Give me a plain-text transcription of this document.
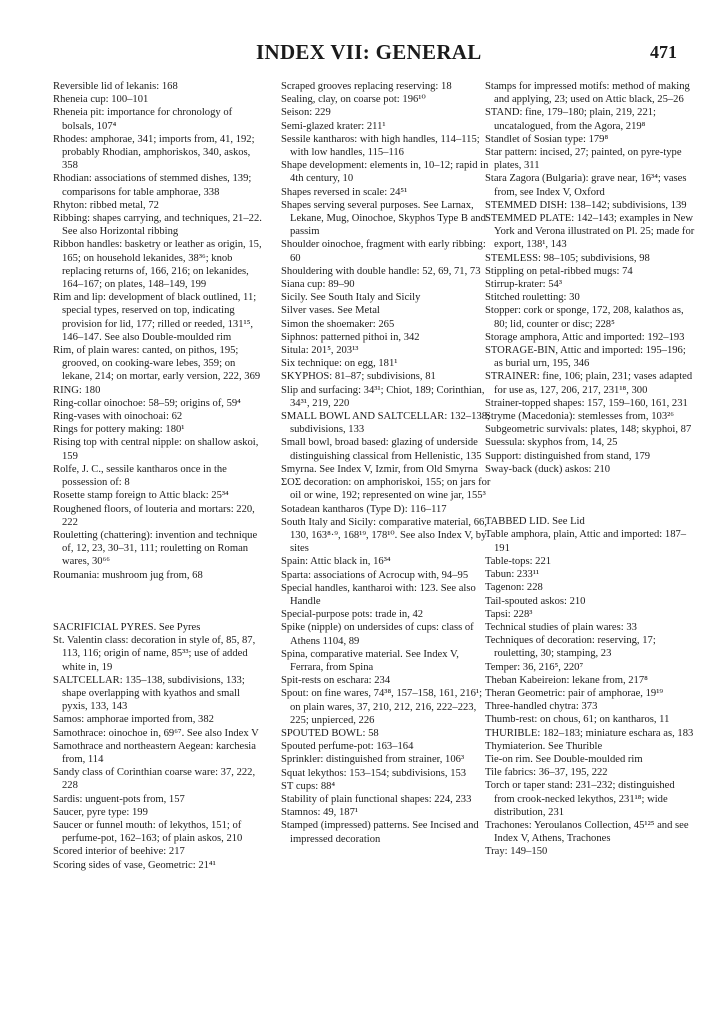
INDEX VII: GENERAL	471

Reversible lid of lekanis: 168

Rheneia cup: 100–101

Rheneia pit: importance for chronology of bolsals, 107⁴

Rhodes: amphorae, 341; imports from, 41, 192; probably Rhodian, amphoriskos, 340, askos, 358

Rhodian: associations of stemmed dishes, 139; comparisons for table amphorae, 338

Rhyton: ribbed metal, 72

Ribbing: shapes carrying, and techniques, 21–22. See also Horizontal ribbing

Ribbon handles: basketry or leather as origin, 15, 165; on household lekanides, 38³⁶; knob replacing returns of, 166, 216; on lekanides, 164–167; on plates, 148–149, 199

Rim and lip: development of black outlined, 11; special types, reserved on top, indicating provision for lid, 177; rilled or reeded, 131¹⁵, 146–147. See also Double-moulded rim

Rim, of plain wares: canted, on pithos, 195; grooved, on cooking-ware lebes, 359; on lekane, 214; on mortar, early version, 222, 369

RING: 180

Ring-collar oinochoe: 58–59; origins of, 59⁴

Ring-vases with oinochoai: 62

Rings for pottery making: 180¹

Rising top with central nipple: on shallow askoi, 159

Rolfe, J. C., sessile kantharos once in the possession of: 8

Rosette stamp foreign to Attic black: 25³⁴

Roughened floors, of louteria and mortars: 220, 222

Rouletting (chattering): invention and technique of, 12, 23, 30–31, 111; rouletting on Roman wares, 30⁶⁶

Roumania: mushroom jug from, 68

SACRIFICIAL PYRES. See Pyres

St. Valentin class: decoration in style of, 85, 87, 113, 116; origin of name, 85³³; use of added white in, 19

SALTCELLAR: 135–138, subdivisions, 133; shape overlapping with kyathos and small pyxis, 133, 143

Samos: amphorae imported from, 382

Samothrace: oinochoe in, 69⁶⁷. See also Index V

Samothrace and northeastern Aegean: karchesia from, 114

Sandy class of Corinthian coarse ware: 37, 222, 228

Sardis: unguent-pots from, 157

Saucer, pyre type: 199

Saucer or funnel mouth: of lekythos, 151; of perfume-pot, 162–163; of plain askos, 210

Scored interior of beehive: 217

Scoring sides of vase, Geometric: 21⁴¹

Scraped grooves replacing reserving: 18

Sealing, clay, on coarse pot: 196¹⁰

Seison: 229

Semi-glazed krater: 211¹

Sessile kantharos: with high handles, 114–115; with low handles, 115–116

Shape development: elements in, 10–12; rapid in 4th century, 10

Shapes reversed in scale: 24⁵¹

Shapes serving several purposes. See Larnax, Lekane, Mug, Oinochoe, Skyphos Type B and passim

Shoulder oinochoe, fragment with early ribbing: 60

Shouldering with double handle: 52, 69, 71, 73

Siana cup: 89–90

Sicily. See South Italy and Sicily

Silver vases. See Metal

Simon the shoemaker: 265

Siphnos: patterned pithoi in, 342

Situla: 201⁵, 203¹³

Six technique: on egg, 181¹

SKYPHOS: 81–87; subdivisions, 81

Slip and surfacing: 34³¹; Chiot, 189; Corinthian, 34³¹, 219, 220

SMALL BOWL AND SALTCELLAR: 132–138; subdivisions, 133

Small bowl, broad based: glazing of underside distinguishing classical from Hellenistic, 135

Smyrna. See Index V, Izmir, from Old Smyrna

ΣΟΣ decoration: on amphoriskoi, 155; on jars for oil or wine, 192; represented on wine jar, 155³

Sotadean kantharos (Type D): 116–117

South Italy and Sicily: comparative material, 66, 130, 163⁸·⁹, 168¹⁹, 178¹⁰. See also Index V, by sites

Spain: Attic black in, 16³⁴

Sparta: associations of Acrocup with, 94–95

Special handles, kantharoi with: 123. See also Handle

Special-purpose pots: trade in, 42

Spike (nipple) on undersides of cups: class of Athens 1104, 89

Spina, comparative material. See Index V, Ferrara, from Spina

Spit-rests on eschara: 234

Spout: on fine wares, 74³⁸, 157–158, 161, 216¹; on plain wares, 37, 210, 212, 216, 222–223, 225; unpierced, 226

SPOUTED BOWL: 58

Spouted perfume-pot: 163–164

Sprinkler: distinguished from strainer, 106³

Squat lekythos: 153–154; subdivisions, 153

ST cups: 88⁴

Stability of plain functional shapes: 224, 233

Stamnos: 49, 187¹

Stamped (impressed) patterns. See Incised and impressed decoration

Stamps for impressed motifs: method of making and applying, 23; used on Attic black, 25–26

STAND: fine, 179–180; plain, 219, 221; uncatalogued, from the Agora, 219⁸

Standlet of Sosian type: 179⁸

Star pattern: incised, 27; painted, on pyre-type plates, 311

Stara Zagora (Bulgaria): grave near, 16³⁴; vases from, see Index V, Oxford

STEMMED DISH: 138–142; subdivisions, 139

STEMMED PLATE: 142–143; examples in New York and Verona illustrated on Pl. 25; made for export, 138¹, 143

STEMLESS: 98–105; subdivisions, 98

Stippling on petal-ribbed mugs: 74

Stirrup-krater: 54³

Stitched rouletting: 30

Stopper: cork or sponge, 172, 208, kalathos as, 80; lid, counter or disc; 228⁵

Storage amphora, Attic and imported: 192–193

STORAGE-BIN, Attic and imported: 195–196; as burial urn, 195, 346

STRAINER: fine, 106; plain, 231; vases adapted for use as, 127, 206, 217, 231¹⁸, 300

Strainer-topped shapes: 157, 159–160, 161, 231

Stryme (Macedonia): stemlesses from, 103²⁶

Subgeometric survivals: plates, 148; skyphoi, 87

Suessula: skyphos from, 14, 25

Support: distinguished from stand, 179

Sway-back (duck) askos: 210

TABBED LID. See Lid

Table amphora, plain, Attic and imported: 187–191

Table-tops: 221

Tabun: 233¹¹

Tagenon: 228

Tail-spouted askos: 210

Tapsi: 228³

Technical studies of plain wares: 33

Techniques of decoration: reserving, 17; rouletting, 30; stamping, 23

Temper: 36, 216⁵, 220⁷

Theban Kabeireion: lekane from, 217⁸

Theran Geometric: pair of amphorae, 19¹⁹

Three-handled chytra: 373

Thumb-rest: on chous, 61; on kantharos, 11

THURIBLE: 182–183; miniature eschara as, 183

Thymiaterion. See Thurible

Tie-on rim. See Double-moulded rim

Tile fabrics: 36–37, 195, 222

Torch or taper stand: 231–232; distinguished from crook-necked lekythos, 231¹⁸; wide distribution, 231

Trachones: Yeroulanos Collection, 45¹²⁵ and see Index V, Athens, Trachones

Tray: 149–150
